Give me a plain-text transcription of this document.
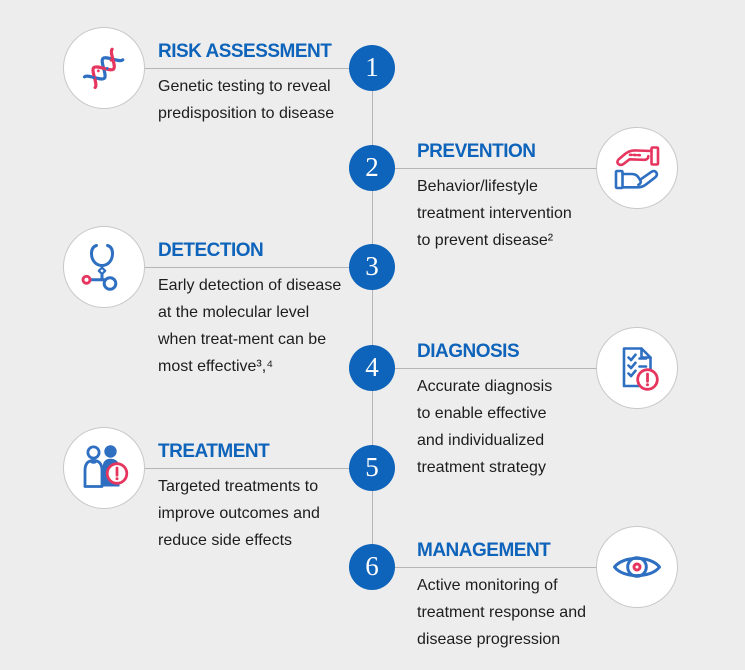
1
RISK ASSESSMENT
Genetic testing to reveal
predisposition to disease
2
PREVENTION
Behavior/lifestyle
treatment intervention
to prevent disease²
3
DETECTION
Early detection of disease
at the molecular level
when treat-ment can be
most effective³,⁴	4
DIAGNOSIS
Accurate diagnosis
to enable effective
and individualized
treatment strategy
5
TREATMENT
Targeted treatments to
improve outcomes and
reduce side effects
6
MANAGEMENT
Active monitoring of
treatment response and
disease progression
